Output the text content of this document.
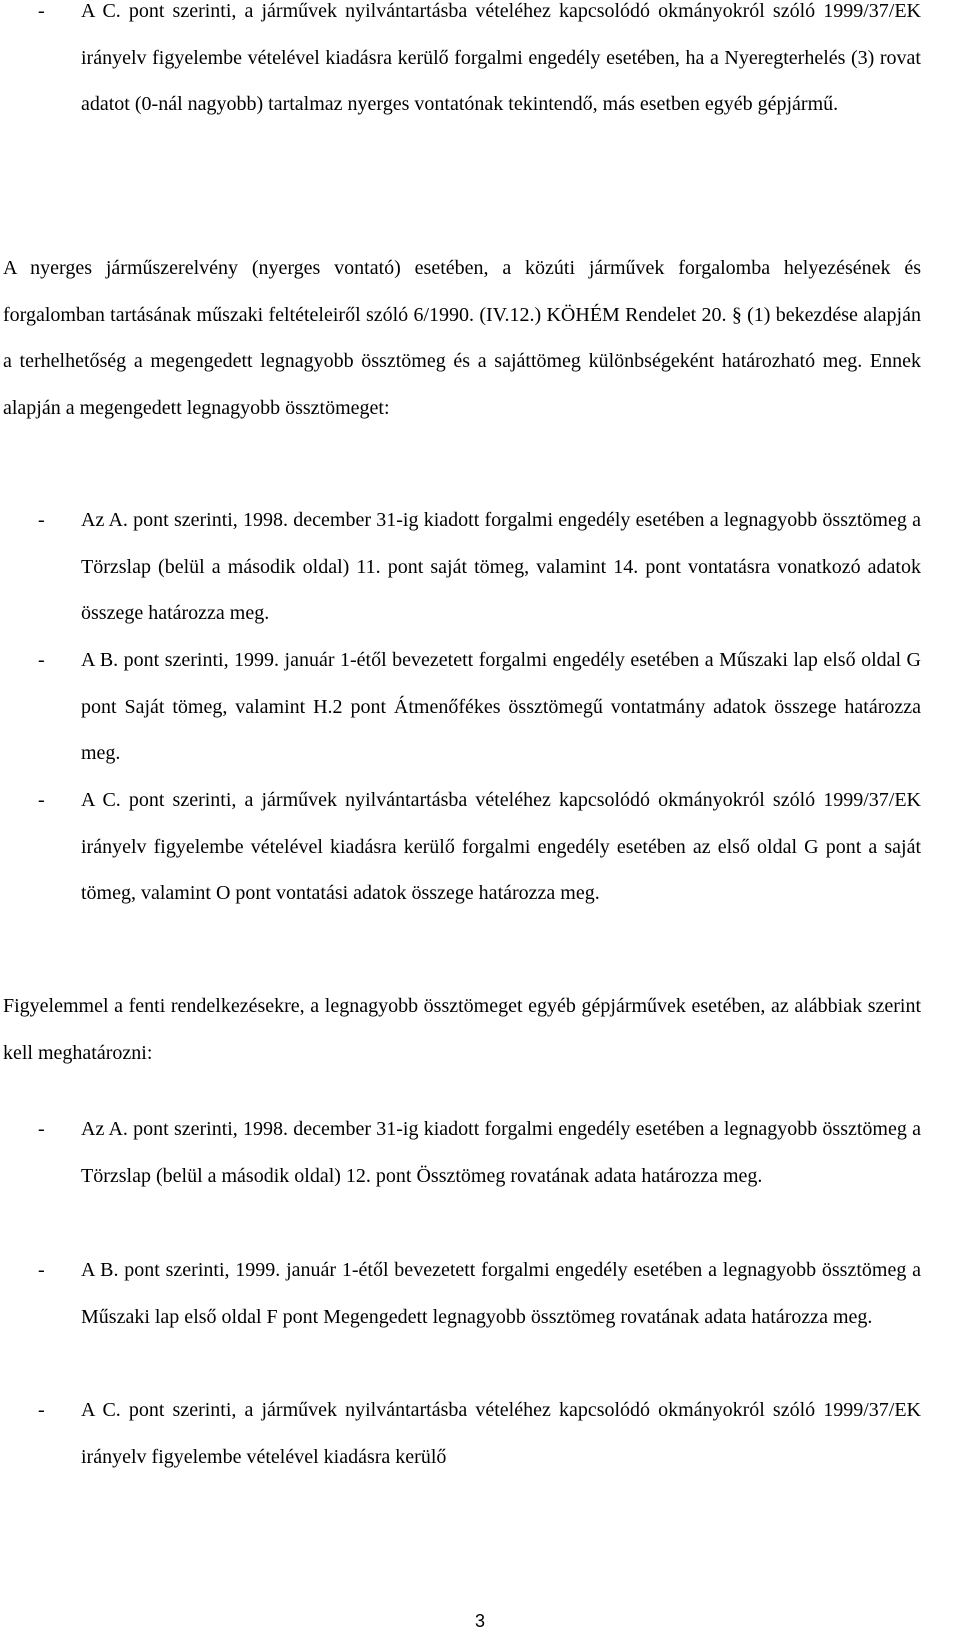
- A C. pont szerinti, a járművek nyilvántartásba vételéhez kapcsolódó okmányokról szóló 1999/37/EK irányelv figyelembe vételével kiadásra kerülő forgalmi engedély esetében, ha a Nyeregterhelés (3) rovat adatot (0-nál nagyobb) tartalmaz nyerges vontatónak tekintendő, más esetben egyéb gépjármű.

A nyerges járműszerelvény (nyerges vontató) esetében, a közúti járművek forgalomba helyezésének és forgalomban tartásának műszaki feltételeiről szóló 6/1990. (IV.12.) KÖHÉM Rendelet 20. § (1) bekezdése alapján a terhelhetőség a megengedett legnagyobb össztömeg és a sajáttömeg különbségeként határozható meg. Ennek alapján a megengedett legnagyobb össztömeget:

- Az A. pont szerinti, 1998. december 31-ig kiadott forgalmi engedély esetében a legnagyobb össztömeg a Törzslap (belül a második oldal) 11. pont saját tömeg, valamint 14. pont vontatásra vonatkozó adatok összege határozza meg.
- A B. pont szerinti, 1999. január 1-étől bevezetett forgalmi engedély esetében a Műszaki lap első oldal G pont Saját tömeg, valamint H.2 pont Átmenőfékes össztömegű vontatmány adatok összege határozza meg.
- A C. pont szerinti, a járművek nyilvántartásba vételéhez kapcsolódó okmányokról szóló 1999/37/EK irányelv figyelembe vételével kiadásra kerülő forgalmi engedély esetében az első oldal G pont a saját tömeg, valamint O pont vontatási adatok összege határozza meg.

Figyelemmel a fenti rendelkezésekre, a legnagyobb össztömeget egyéb gépjárművek esetében, az alábbiak szerint kell meghatározni:

- Az A. pont szerinti, 1998. december 31-ig kiadott forgalmi engedély esetében a legnagyobb össztömeg a Törzslap (belül a második oldal) 12. pont Össztömeg rovatának adata határozza meg.
- A B. pont szerinti, 1999. január 1-étől bevezetett forgalmi engedély esetében a legnagyobb össztömeg a Műszaki lap első oldal F pont Megengedett legnagyobb össztömeg rovatának adata határozza meg.
- A C. pont szerinti, a járművek nyilvántartásba vételéhez kapcsolódó okmányokról szóló 1999/37/EK irányelv figyelembe vételével kiadásra kerülő
3
